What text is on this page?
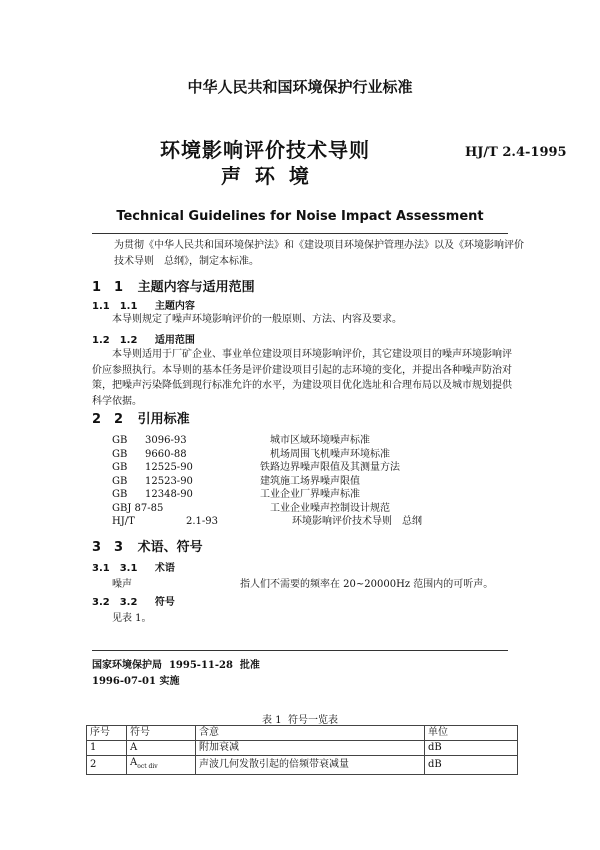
中华人民共和国环境保护行业标准
环境影响评价技术导则
声  环  境
HJ/T 2.4-1995
Technical Guidelines for Noise Impact Assessment
为贯彻《中华人民共和国环境保护法》和《建设项目环境保护管理办法》以及《环境影响评价技术导则　总纲》，制定本标准。
1　1 主题内容与适用范围
1.1　1.1 主题内容
本导则规定了噪声环境影响评价的一般原则、方法、内容及要求。
1.2　1.2 适用范围
本导则适用于厂矿企业、事业单位建设项目环境影响评价，其它建设项目的噪声环境影响评价应参照执行。本导则的基本任务是评价建设项目引起的志环境的变化，并提出各种噪声防治对策，把噪声污染降低到现行标准允许的水平，为建设项目优化选址和合理布局以及城市规划提供科学依据。
2　2 引用标准
GB 3096-93	城市区域环境噪声标准
GB 9660-88	机场周围飞机噪声环境标准
GB 12525-90	铁路边界噪声限值及其测量方法
GB 12523-90	建筑施工场界噪声限值
GB 12348-90	工业企业厂界噪声标准
GBJ 87-85	工业企业噪声控制设计规范
HJ/T	2.1-93	环境影响评价技术导则　总纲
3　3 术语、符号
3.1　3.1 术语
噪声	指人们不需要的频率在 20~20000Hz 范围内的可听声。
3.2　3.2 符号
见表 1。
国家环境保护局  1995-11-28  批准
1996-07-01 实施
表 1  符号一览表
序号	符号	含意	单位
1	A	附加衰减	dB
2	$A_{oct div}$	声波几何发散引起的倍频带衰减量	dB
